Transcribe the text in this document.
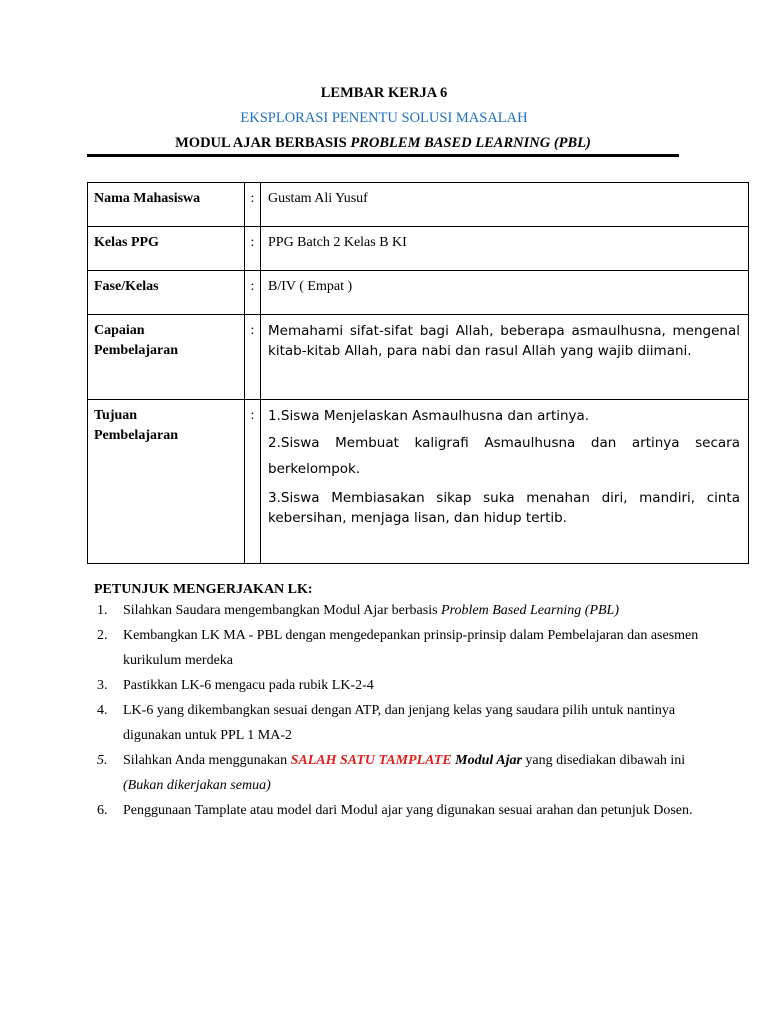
LEMBAR KERJA 6
EKSPLORASI PENENTU SOLUSI MASALAH
MODUL AJAR BERBASIS PROBLEM BASED LEARNING (PBL)
Nama Mahasiswa	:	Gustam Ali Yusuf
Kelas PPG	:	PPG Batch 2 Kelas B KI
Fase/Kelas	:	B/IV ( Empat )
Capaian Pembelajaran	:	Memahami sifat-sifat bagi Allah, beberapa asmaulhusna, mengenal kitab-kitab Allah, para nabi dan rasul Allah yang wajib diimani.
Tujuan Pembelajaran	:	1.Siswa Menjelaskan Asmaulhusna dan artinya.

2.Siswa Membuat kaligrafi Asmaulhusna dan artinya secara berkelompok.

3.Siswa Membiasakan sikap suka menahan diri, mandiri, cinta kebersihan, menjaga lisan, dan hidup tertib.

PETUNJUK MENGERJAKAN LK:
1. Silahkan Saudara mengembangkan Modul Ajar berbasis Problem Based Learning (PBL)
2. Kembangkan LK MA - PBL dengan mengedepankan prinsip-prinsip dalam Pembelajaran dan asesmen kurikulum merdeka
3. Pastikkan LK-6 mengacu pada rubik LK-2-4
4. LK-6 yang dikembangkan sesuai dengan ATP, dan jenjang kelas yang saudara pilih untuk nantinya digunakan untuk PPL 1 MA-2
5. Silahkan Anda menggunakan SALAH SATU TAMPLATE Modul Ajar yang disediakan dibawah ini (Bukan dikerjakan semua)
6. Penggunaan Tamplate atau model dari Modul ajar yang digunakan sesuai arahan dan petunjuk Dosen.
